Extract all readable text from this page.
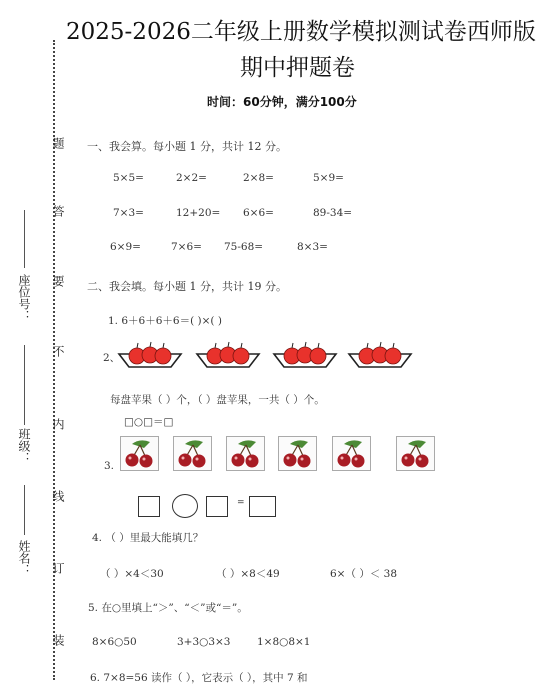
2025-2026二年级上册数学模拟测试卷西师版
期中押题卷
时间：60分钟，满分100分
座位号：
班级：
姓名：
题
答
要
不
内
线
订
装
一、我会算。每小题 1 分，共计 12 分。
5×5=	2×2=	2×8=	5×9=
7×3=	12+20= 6×6=	89-34=
6×9=	7×6= 75-68=	8×3=
二、我会填。每小题 1 分，共计 19 分。
1. 6＋6＋6＋6＝( )×( )
2、
每盘苹果（ ）个，（ ）盘苹果，一共（ ）个。
□○□＝□
3.
=
4. （ ）里最大能填几？
（ ）×4＜30	（ ）×8＜49	6×（ ）＜ 38
5. 在○里填上“＞”、“＜”或“＝”。
8×6○50	3+3○3×3	1×8○8×1
6. 7×8=56 读作（ ），它表示（ ），其中 7 和
